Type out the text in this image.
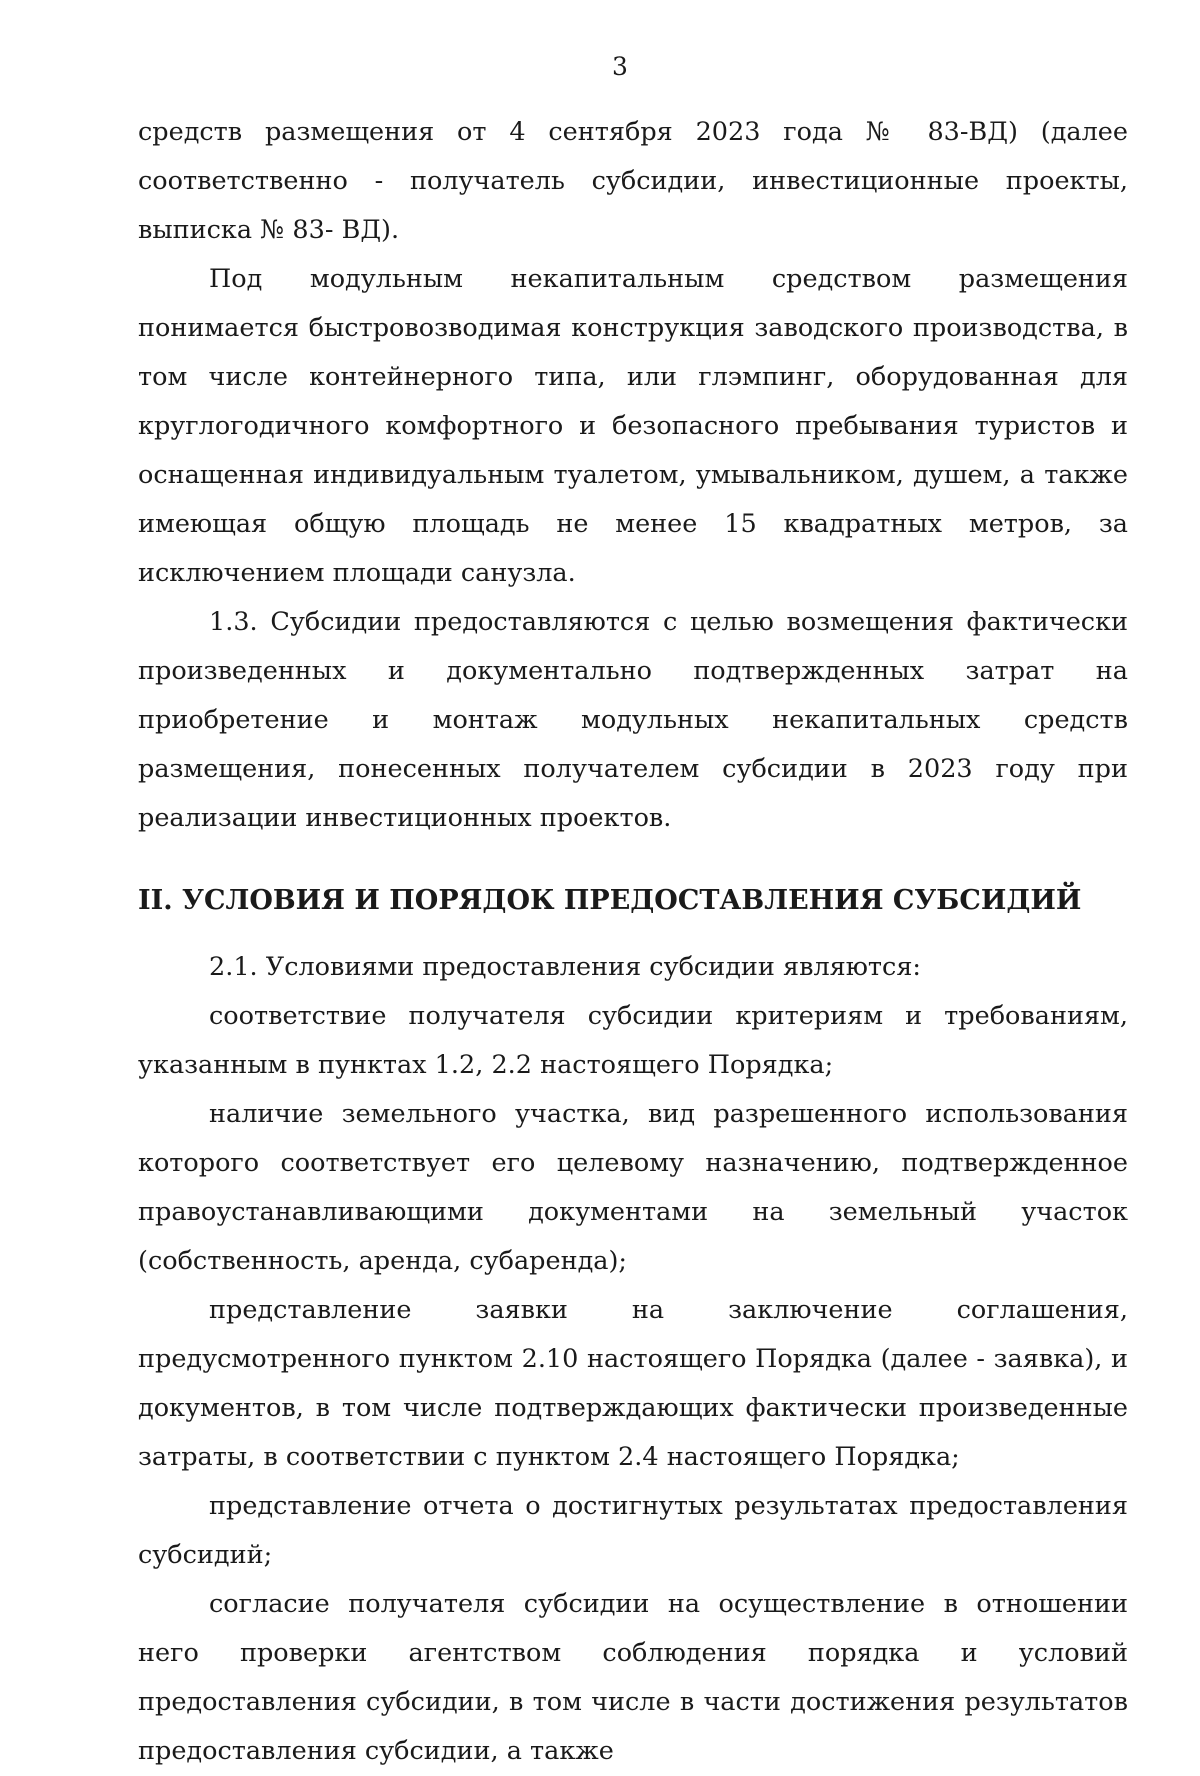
3

средств размещения от 4 сентября 2023 года № 83-ВД) (далее соответственно - получатель субсидии, инвестиционные проекты, выписка № 83- ВД).

Под модульным некапитальным средством размещения понимается быстровозводимая конструкция заводского производства, в том числе контейнерного типа, или глэмпинг, оборудованная для круглогодичного комфортного и безопасного пребывания туристов и оснащенная индивидуальным туалетом, умывальником, душем, а также имеющая общую площадь не менее 15 квадратных метров, за исключением площади санузла.

1.3. Субсидии предоставляются с целью возмещения фактически произведенных и документально подтвержденных затрат на приобретение и монтаж модульных некапитальных средств размещения, понесенных получателем субсидии в 2023 году при реализации инвестиционных проектов.

II. УСЛОВИЯ И ПОРЯДОК ПРЕДОСТАВЛЕНИЯ СУБСИДИЙ

2.1. Условиями предоставления субсидии являются:

соответствие получателя субсидии критериям и требованиям, указанным в пунктах 1.2, 2.2 настоящего Порядка;

наличие земельного участка, вид разрешенного использования которого соответствует его целевому назначению, подтвержденное правоустанавливающими документами на земельный участок (собственность, аренда, субаренда);

представление заявки на заключение соглашения, предусмотренного пунктом 2.10 настоящего Порядка (далее - заявка), и документов, в том числе подтверждающих фактически произведенные затраты, в соответствии с пунктом 2.4 настоящего Порядка;

представление отчета о достигнутых результатах предоставления субсидий;

согласие получателя субсидии на осуществление в отношении него проверки агентством соблюдения порядка и условий предоставления субсидии, в том числе в части достижения результатов предоставления субсидии, а также
